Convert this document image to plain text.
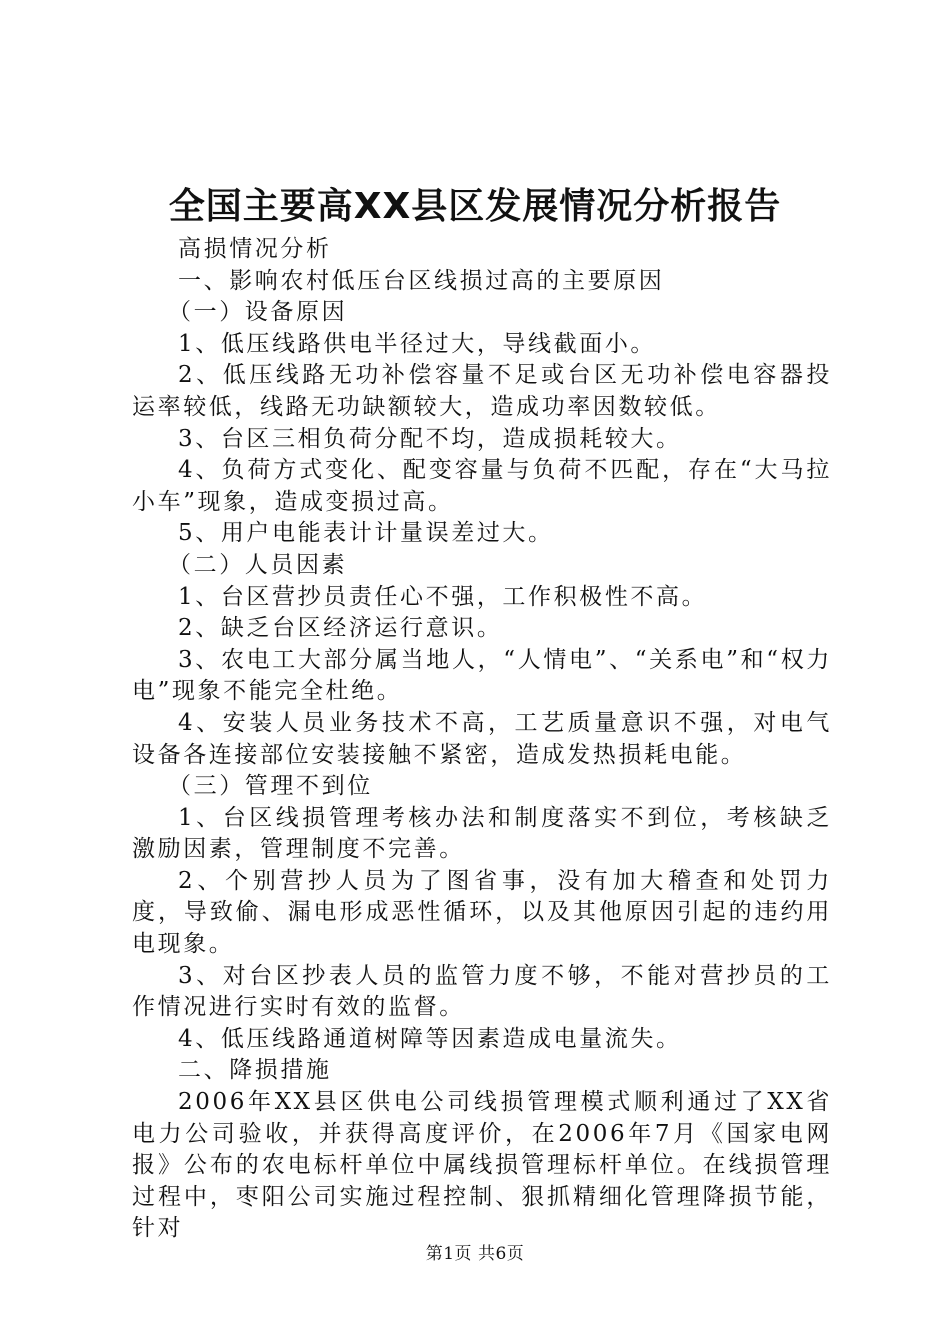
全国主要高XX县区发展情况分析报告

高损情况分析

一、影响农村低压台区线损过高的主要原因

（一）设备原因

1、低压线路供电半径过大，导线截面小。

2、低压线路无功补偿容量不足或台区无功补偿电容器投运率较低，线路无功缺额较大，造成功率因数较低。

3、台区三相负荷分配不均，造成损耗较大。

4、负荷方式变化、配变容量与负荷不匹配，存在“大马拉小车”现象，造成变损过高。

5、用户电能表计计量误差过大。

（二）人员因素

1、台区营抄员责任心不强，工作积极性不高。

2、缺乏台区经济运行意识。

3、农电工大部分属当地人，“人情电”、“关系电”和“权力电”现象不能完全杜绝。

4、安装人员业务技术不高，工艺质量意识不强，对电气设备各连接部位安装接触不紧密，造成发热损耗电能。

（三）管理不到位

1、台区线损管理考核办法和制度落实不到位，考核缺乏激励因素，管理制度不完善。

2、个别营抄人员为了图省事，没有加大稽查和处罚力度，导致偷、漏电形成恶性循环，以及其他原因引起的违约用电现象。

3、对台区抄表人员的监管力度不够，不能对营抄员的工作情况进行实时有效的监督。

4、低压线路通道树障等因素造成电量流失。

二、降损措施

2006年XX县区供电公司线损管理模式顺利通过了XX省电力公司验收，并获得高度评价，在2006年7月《国家电网报》公布的农电标杆单位中属线损管理标杆单位。在线损管理过程中，枣阳公司实施过程控制、狠抓精细化管理降损节能，针对

第1页 共6页
